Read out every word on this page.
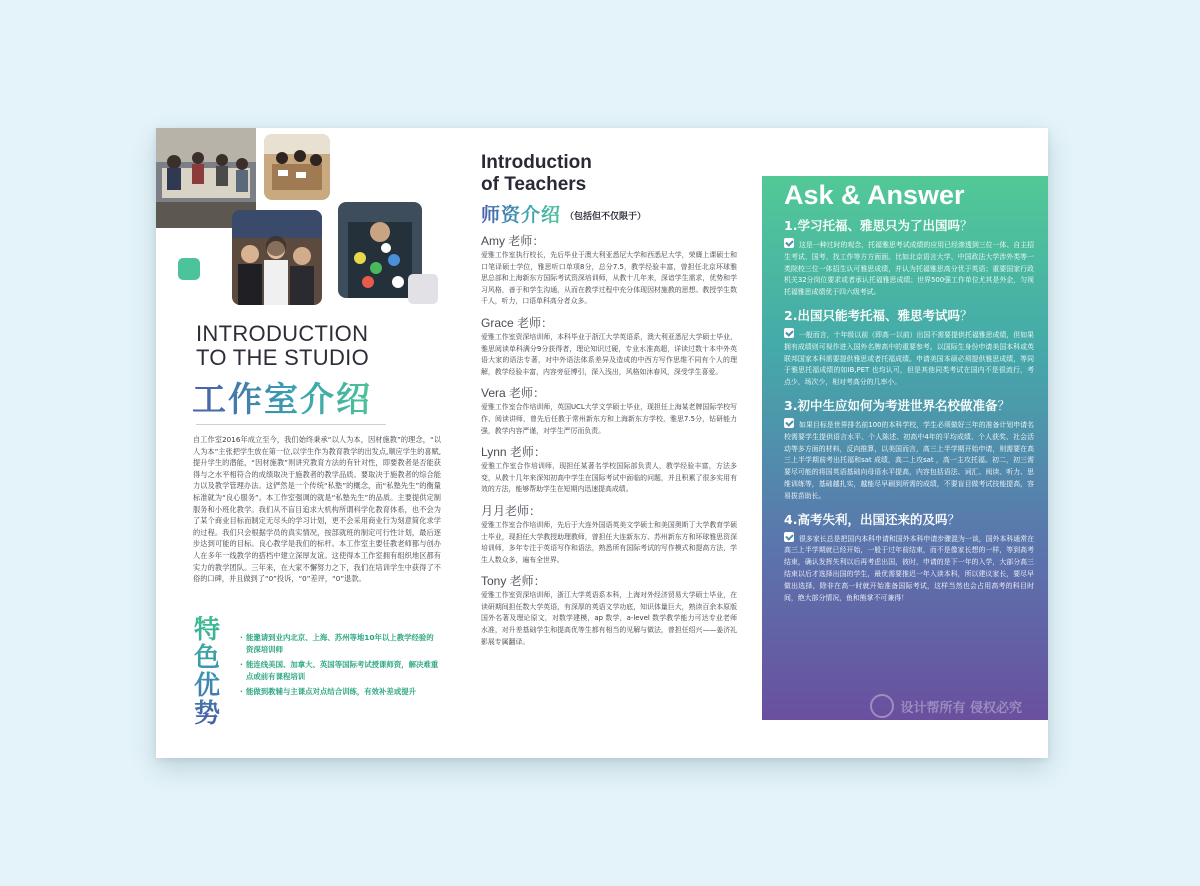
INTRODUCTION
TO THE STUDIO
工作室介绍
自工作室2016年成立至今，我们始终秉承“以人为本，因材施教”的理念，“以人为本”主张把学生放在第一位,以学生作为教育教学的出发点,顺应学生的喜赋,提升学生的潜能，“因材施教”则讲究教育方法的有针对性，即要教者是否能获得与之水平相符合的成绩取决于施教者的教学品质。要取决于施教者的综合能力以及教学管理办法。这俨然是一个传统“私塾”的概念，而“私塾先生”的衡量标准就为“良心服务”。本工作室强调的就是“私塾先生”的品质。主要提供定制服务和小班化教学。我们从不盲目追求大机构所谓科学化教育体系，也不会为了某个商业目标而制定无尽头的学习计划，更不会采用商业行为刻意简化求学的过程。我们只会根据学员的真实情况，按部就班的制定可行性计划，最后逐步达到可能的目标。良心教学是我们的标杆。本工作室主要任教老师都与创办人在多年一线教学的搭档中建立深厚友谊。这使得本工作室拥有组织地区都有实力的教学团队。三年来，在大家不懈努力之下，我们在培训学生中获得了不俗的口碑，并且做到了“0”投诉，“0”差评，“0”退款。
特色优势
· 能邀请到业内北京、上海、苏州等地10年以上教学经验的资深培训师
· 能连线美国、加拿大、英国等国际考试授课师资，解决难重点或前有课程培训
· 能做到教辅与主课点对点结合训练，有效补差或提升
Introduction
of Teachers
师资介绍 （包括但不仅限于）
Amy 老师：
爱雅工作室执行校长，先后毕业于澳大利亚悉尼大学和西悉尼大学，荣膺上课硕士和口笔译硕士学位，雅思听口单项8分，总分7.5，教学经验丰富，曾担任北京环球雅思总部和上海新东方国际考试资深培训师，从教十几年来，深谙学生需求，优势和学习风格，善于和学生沟通，从而在教学过程中充分体现因材施教的思想。教授学生数千人，听力，口语单科高分者众多。
Grace 老师：
爱雅工作室资深培训师，本科毕业于浙江大学英语系，澳大利亚悉尼大学硕士毕业，雅思阅读单科满分9分获得者，理论知识过硬，专业水准高超，详读过数十本中外英语大家的语法专著，对中外语法体系差异及造成的中西方写作思维不同有个人的理解，教学经验丰富，内容旁征博引，深入浅出，风格如沐春风，深受学生喜爱。
Vera 老师：
爱雅工作室合作培训师，英国UCL大学文学硕士毕业，现担任上海某老牌国际学校写作、阅读讲师，曾先后任教于常州新东方和上海新东方学校，雅思7.5分，钻研能力强，教学内容严谨，对学生严厉而负责。
Lynn 老师：
爱雅工作室合作培训师，现担任某著名学校国际部负责人，教学经验丰富，方法多变，从教十几年来深知初高中学生在国际考试中面临的问题，并且积累了很多实用有效的方法，能够帮助学生在短期内迅速提高成绩。
月月老师：
爱雅工作室合作培训师，先后于大连外国语英美文学硕士和美国奥斯丁大学教育学硕士毕业，现担任大学教授助理教师，曾担任大连新东方、苏州新东方和环球雅思资深培训师，多年专注于英语写作和语法，熟悉所有国际考试的写作模式和提高方法，学生人数众多，遍布全世界。
Tony 老师：
爱雅工作室资深培训师，浙江大学英语系本科，上海对外经济贸易大学硕士毕业，在读研期间担任数大学英语，有深厚的英语文学功底，知识体量巨大，熟读百余本原版国外名著及理论原文，对数学建模，ap 数学，a-level 数学教学能力可达专业老师水准，对升差基础学生和提高优等生都有相当的见解与做法，曾担任绍兴——姜济礼影展专属翻译。
Ask & Answer
1.学习托福、雅思只为了出国吗？
这是一种过时的观念，托福雅思考试成绩的应用已经渗透到三位一体、自主招生考试、国考、找工作等方方面面。比如北京语言大学、中国政法大学涉外类等一类院校三位一体招生认可雅思成绩，并认为托福雅思高分优于英语；重要国家行政机关32分岗位要求或者承认托福雅思成绩；世界500强工作单位尤其是外企，匀视托福雅思成绩优于四六级考试。
2.出国只能考托福、雅思考试吗？
一般而言，十年级以前（即高一以前）出国不需要提供托福雅思成绩，但如果拥有成绩则可视作进入国外名牌高中的重要参考。以国际生身份申请美国本科或英联邦国家本科需要提供雅思或者托福成绩。申请美国本硕必须提供雅思成绩，等同于雅思托福成绩的如IB,PET 也均认可，但是其他同类考试在国内不是很流行，考点少，场次少，相对考高分的几率小。
3.初中生应如何为考进世界名校做准备？
如果目标是世界排名前100的本科学校，学生必须做好三年的准备计划申请名校需要学生提供语言水平、个人陈述、初高中4年的平均成绩、个人获奖、社会活动等多方面的材料，反向推算，以美国而言，高三上半学期开始申请，则需要在高三上半学期前考出托福和sat 成绩，高二上攻sat ，高一主攻托福。初二，初三需要尽可能的将国英语基础向母语水平提高，内容包括语法、词汇、阅读、听力、思维训练等，基础越扎实，越能尽早刷到所需的成绩，不要盲目做考试技能提高，容易拔苗助长。
4.高考失利，出国还来的及吗？
很多家长总是把国内本科申请和国外本科申请步骤混为一谈，国外本科通常在高三上半学期就已经开始，一般于过年前结束，而不是像家长想的一样，等到高考结束，确认发挥失利以后再考虑出国，彼时，申请的是下一年的入学，大部分高三结束以后才选择出国的学生，最优需要推迟一年入读本科，所以建议家长，要尽早做出选择，除非在高一时就开始准备国际考试，这样当然也会占用高考的科目时间，绝大部分情况，鱼和熊掌不可兼得！
设计帮所有 侵权必究
